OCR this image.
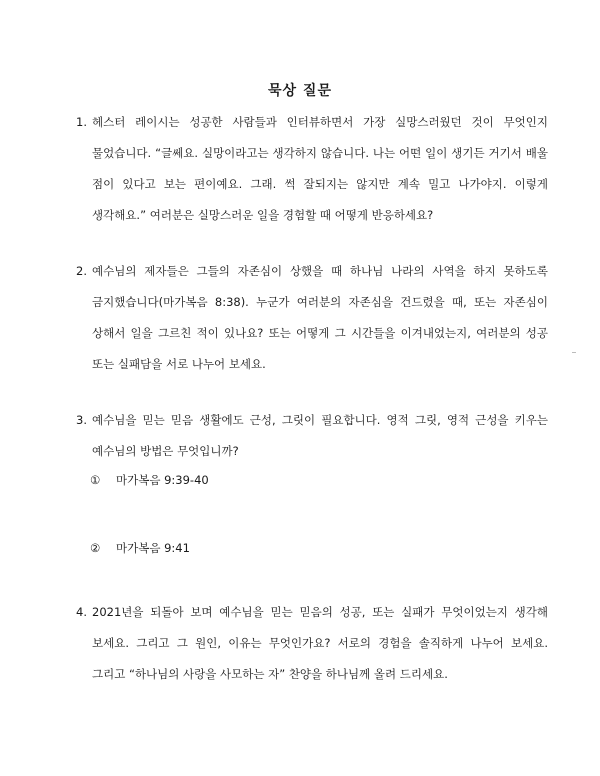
묵상 질문
1. 헤스터 레이시는 성공한 사람들과 인터뷰하면서 가장 실망스러웠던 것이 무엇인지 물었습니다. “글쎄요. 실망이라고는 생각하지 않습니다. 나는 어떤 일이 생기든 거기서 배울 점이 있다고 보는 편이예요. 그래. 썩 잘되지는 않지만 계속 밀고 나가야지. 이렇게 생각해요.” 여러분은 실망스러운 일을 경험할 때 어떻게 반응하세요?
2. 예수님의 제자들은 그들의 자존심이 상했을 때 하나님 나라의 사역을 하지 못하도록 금지했습니다(마가복음 8:38). 누군가 여러분의 자존심을 건드렸을 때, 또는 자존심이 상해서 일을 그르친 적이 있나요? 또는 어떻게 그 시간들을 이겨내었는지, 여러분의 성공 또는 실패담을 서로 나누어 보세요.
3. 예수님을 믿는 믿음 생활에도 근성, 그릿이 필요합니다. 영적 그릿, 영적 근성을 키우는 예수님의 방법은 무엇입니까?
① 마가복음 9:39-40
② 마가복음 9:41
4. 2021년을 되돌아 보며 예수님을 믿는 믿음의 성공, 또는 실패가 무엇이었는지 생각해 보세요. 그리고 그 원인, 이유는 무엇인가요? 서로의 경험을 솔직하게 나누어 보세요. 그리고 “하나님의 사랑을 사모하는 자” 찬양을 하나님께 올려 드리세요.
